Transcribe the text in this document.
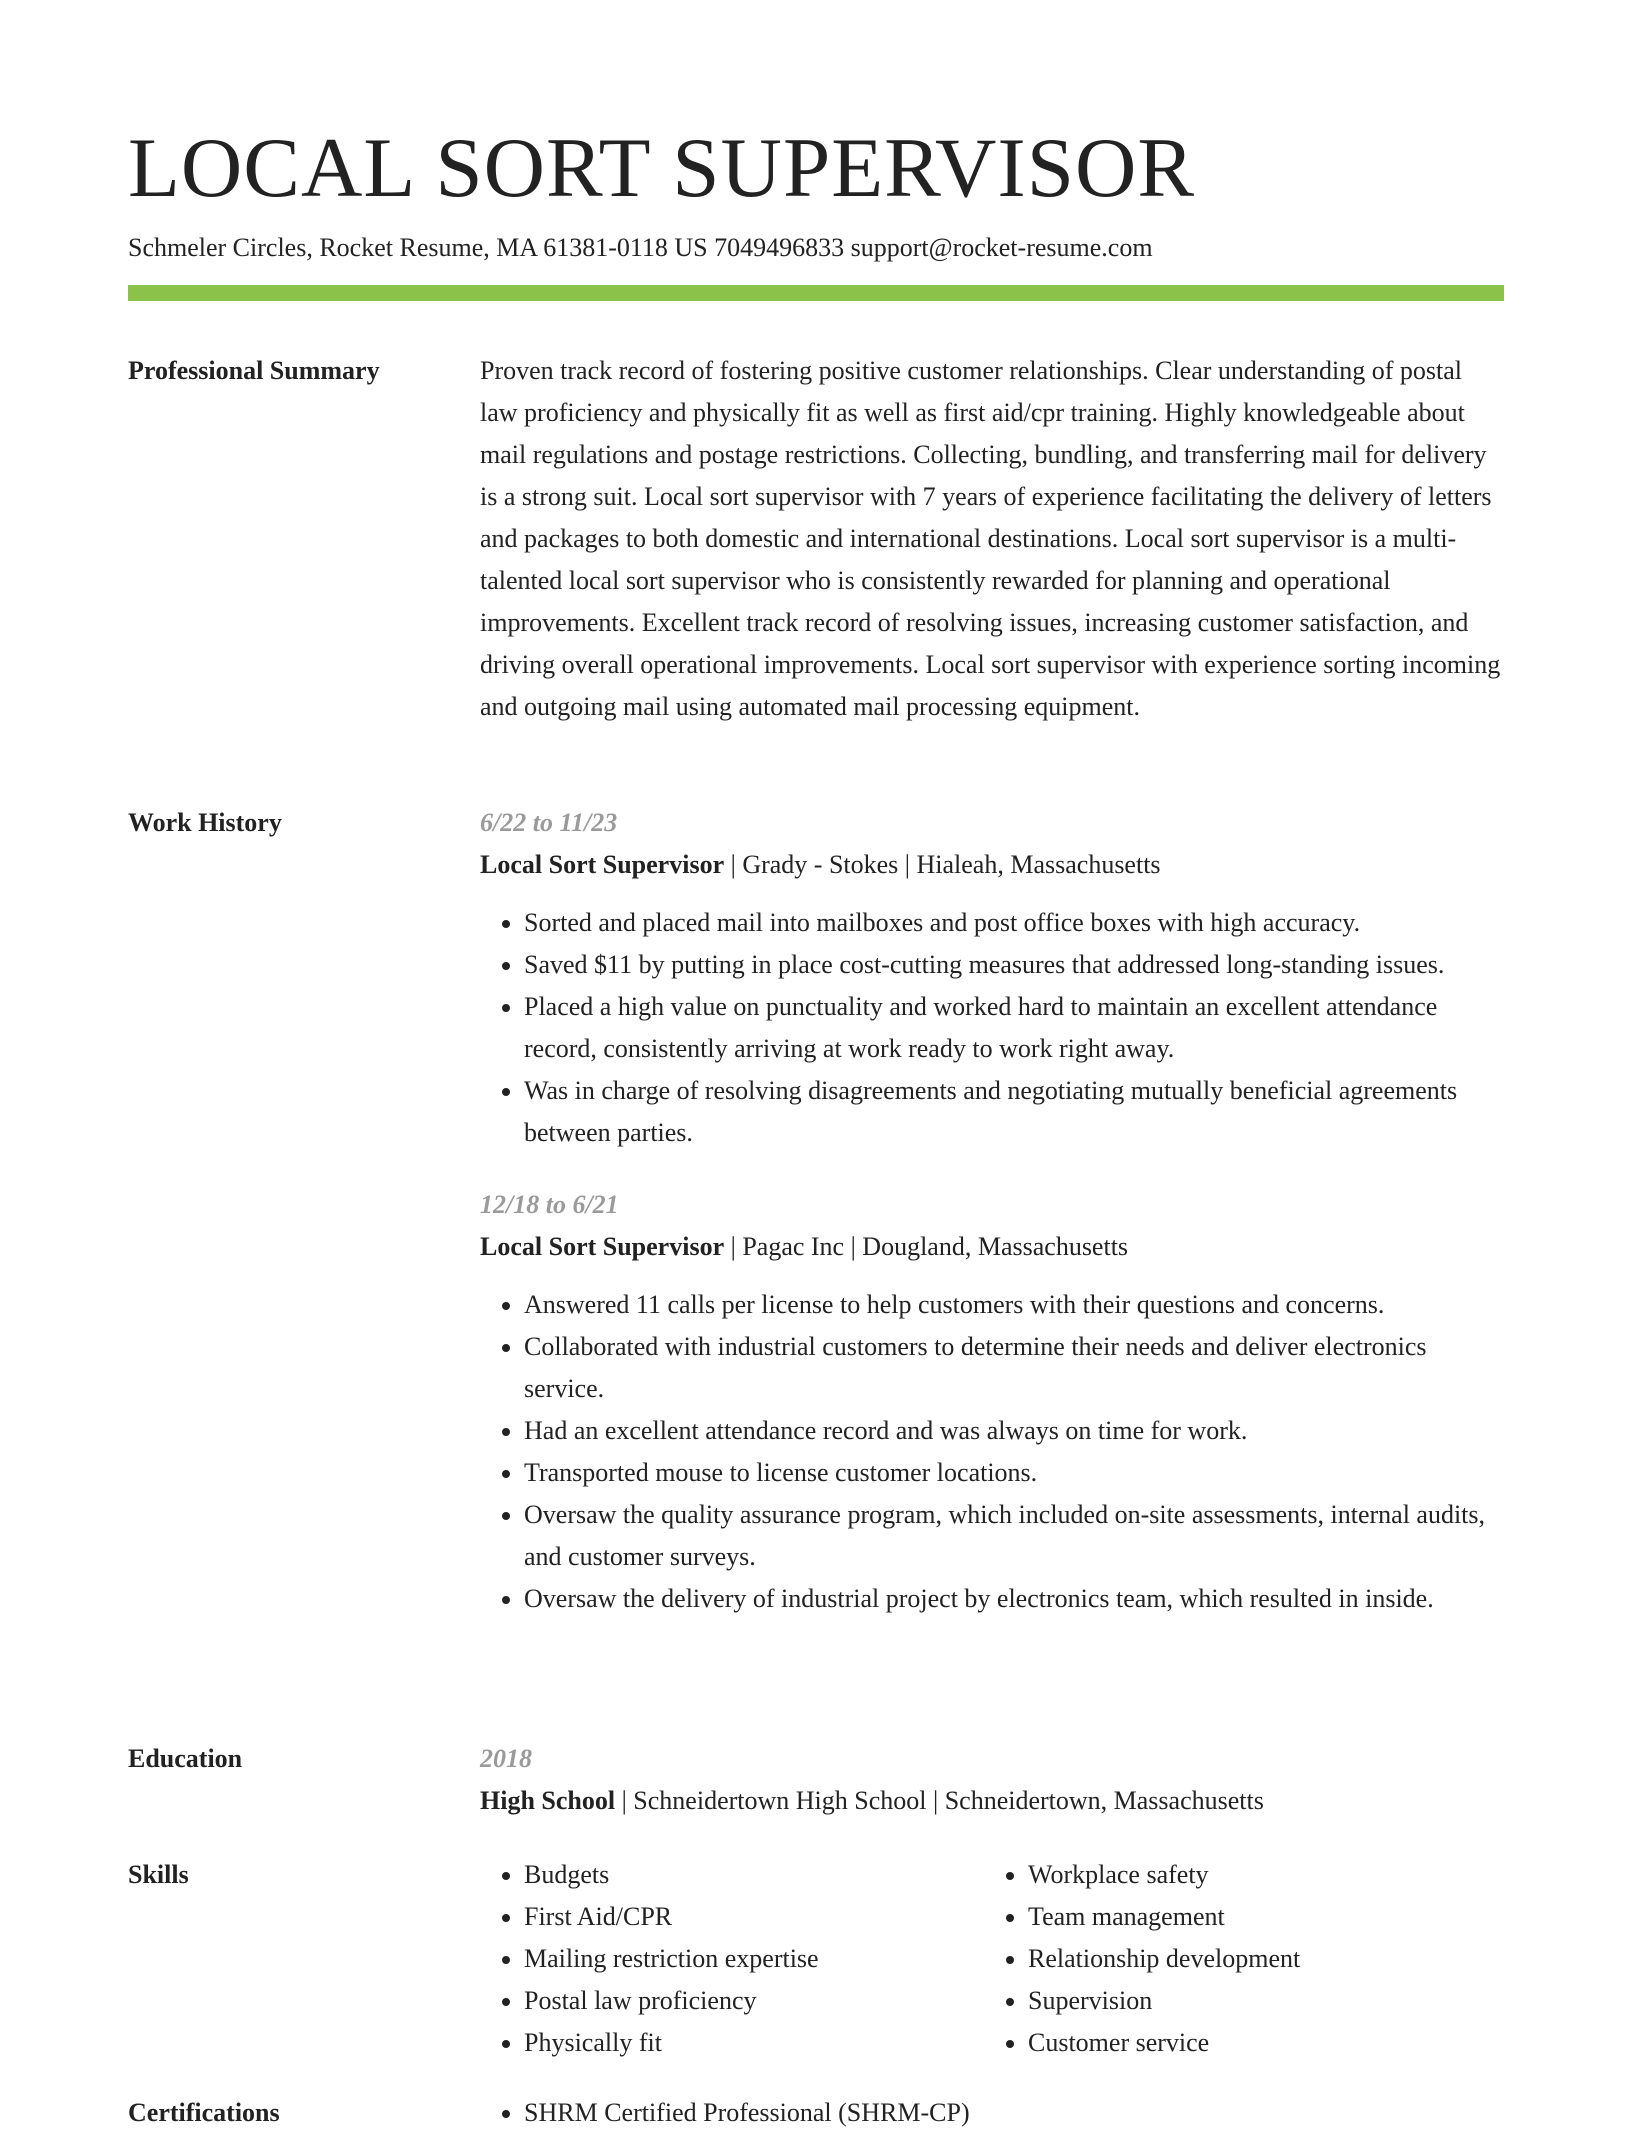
LOCAL SORT SUPERVISOR
Schmeler Circles, Rocket Resume, MA 61381-0118 US 7049496833 support@rocket-resume.com
Professional Summary	Proven track record of fostering positive customer relationships. Clear understanding of postal law proficiency and physically fit as well as first aid/cpr training. Highly knowledgeable about mail regulations and postage restrictions. Collecting, bundling, and transferring mail for delivery is a strong suit. Local sort supervisor with 7 years of experience facilitating the delivery of letters and packages to both domestic and international destinations. Local sort supervisor is a multi-talented local sort supervisor who is consistently rewarded for planning and operational improvements. Excellent track record of resolving issues, increasing customer satisfaction, and driving overall operational improvements. Local sort supervisor with experience sorting incoming and outgoing mail using automated mail processing equipment.

Work History	6/22 to 11/23

Local Sort Supervisor | Grady - Stokes | Hialeah, Massachusetts

• Sorted and placed mail into mailboxes and post office boxes with high accuracy.
• Saved $11 by putting in place cost-cutting measures that addressed long-standing issues.
• Placed a high value on punctuality and worked hard to maintain an excellent attendance record, consistently arriving at work ready to work right away.
• Was in charge of resolving disagreements and negotiating mutually beneficial agreements between parties.

12/18 to 6/21

Local Sort Supervisor | Pagac Inc | Dougland, Massachusetts

• Answered 11 calls per license to help customers with their questions and concerns.
• Collaborated with industrial customers to determine their needs and deliver electronics service.
• Had an excellent attendance record and was always on time for work.
• Transported mouse to license customer locations.
• Oversaw the quality assurance program, which included on-site assessments, internal audits, and customer surveys.
• Oversaw the delivery of industrial project by electronics team, which resulted in inside.
Education	2018

High School | Schneidertown High School | Schneidertown, Massachusetts

Skills	• Budgets
• First Aid/CPR
• Mailing restriction expertise
• Postal law proficiency
• Physically fit
• Workplace safety
• Team management
• Relationship development
• Supervision
• Customer service
Certifications	• SHRM Certified Professional (SHRM-CP)
